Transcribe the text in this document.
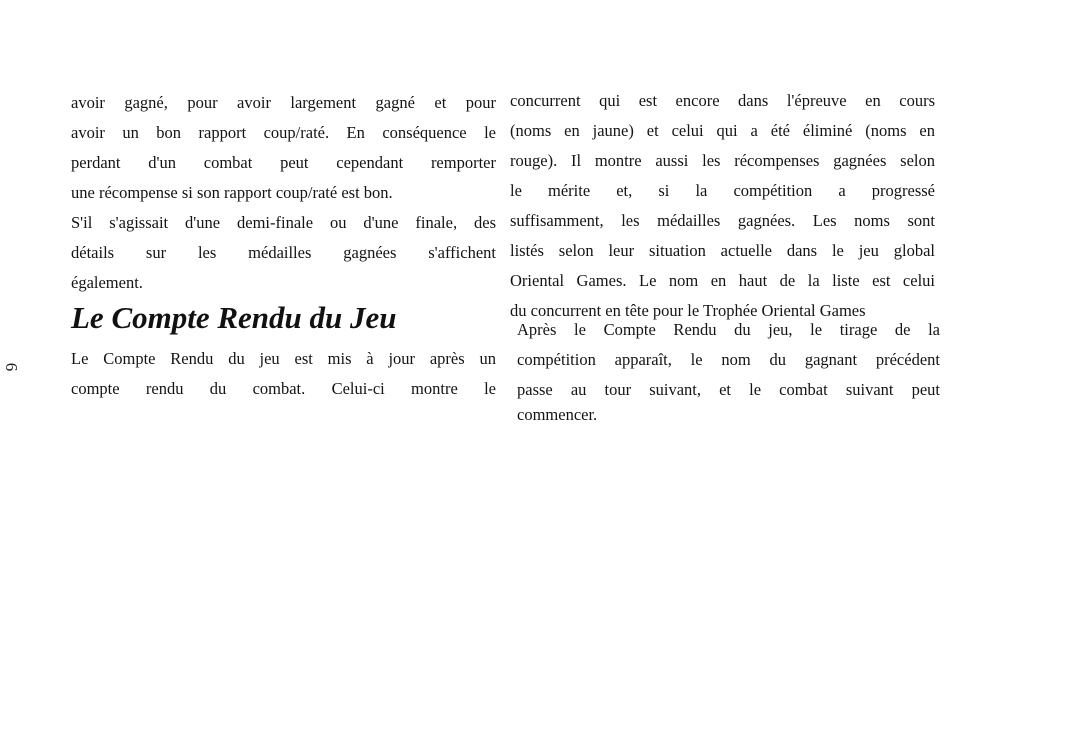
6
avoir gagné, pour avoir largement gagné et pour
avoir un bon rapport coup/raté. En conséquence le
perdant d'un combat peut cependant remporter
une récompense si son rapport coup/raté est bon.
S'il s'agissait d'une demi-finale ou d'une finale, des
détails sur les médailles gagnées s'affichent
également.
Le Compte Rendu du Jeu
Le Compte Rendu du jeu est mis à jour après un
compte rendu du combat. Celui-ci montre le
concurrent qui est encore dans l'épreuve en cours
(noms en jaune) et celui qui a été éliminé (noms en
rouge). Il montre aussi les récompenses gagnées selon
le mérite et, si la compétition a progressé
suffisamment, les médailles gagnées. Les noms sont
listés selon leur situation actuelle dans le jeu global
Oriental Games. Le nom en haut de la liste est celui
du concurrent en tête pour le Trophée Oriental Games
Après le Compte Rendu du jeu, le tirage de la
compétition apparaît, le nom du gagnant précédent
passe au tour suivant, et le combat suivant peut
commencer.
